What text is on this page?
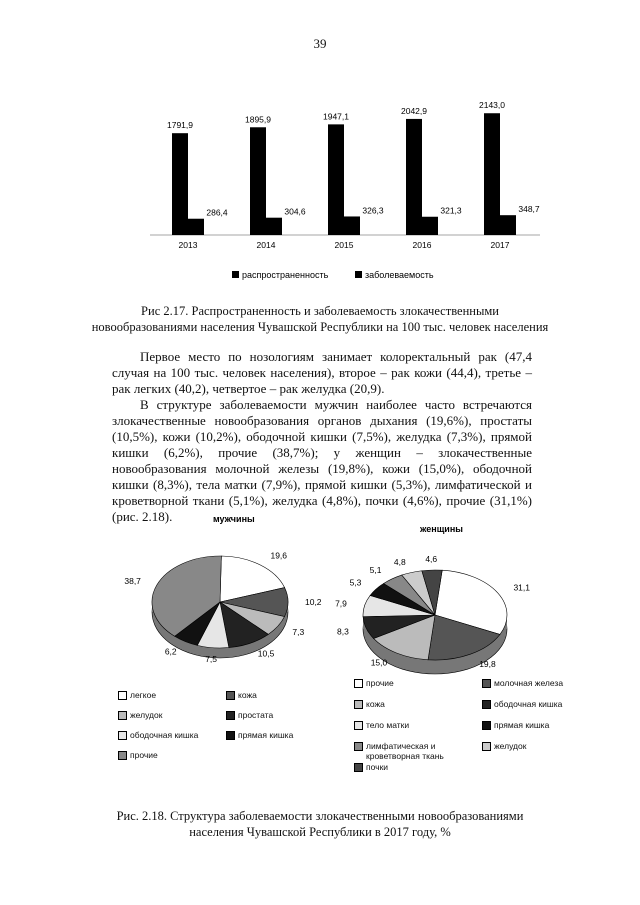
39
1791,9
286,4
2013
1895,9
304,6
2014
1947,1
326,3
2015
2042,9
321,3
2016
2143,0
348,7
2017
распространенность	заболеваемость
Рис 2.17. Распространенность и заболеваемость злокачественными
новообразованиями населения Чувашской Республики на 100 тыс. человек населения

Первое место по нозологиям занимает колоректальный рак (47,4 случая на 100 тыс. человек населения), второе – рак кожи (44,4), третье – рак легких (40,2), четвертое – рак желудка (20,9).

В структуре заболеваемости мужчин наиболее часто встречаются злокачественные новообразования органов дыхания (19,6%), простаты (10,5%), кожи (10,2%), ободочной кишки (7,5%), желудка (7,3%), прямой кишки (6,2%), прочие (38,7%); у женщин – злокачественные новообразования молочной железы (19,8%), кожи (15,0%), ободочной кишки (8,3%), тела матки (7,9%), прямой кишки (5,3%), лимфатической и кроветворной ткани (5,1%), желудка (4,8%), почки (4,6%), прочие (31,1%) (рис. 2.18).	мужчины
19,6
10,2
7,3
10,5
7,5
6,2
38,7
женщины
31,1
19,8
15,0
8,3
7,9
5,3
5,1
4,8 4,6
легкое	кожа
желудок	простата
ободочная кишка	прямая кишка
прочие
прочие	молочная железа
кожа	ободочная кишка
тело матки	прямая кишка
лимфатическая и кроветворная ткань
желудок
почки
Рис. 2.18. Структура заболеваемости злокачественными новообразованиями
населения Чувашской Республики в 2017 году, %
